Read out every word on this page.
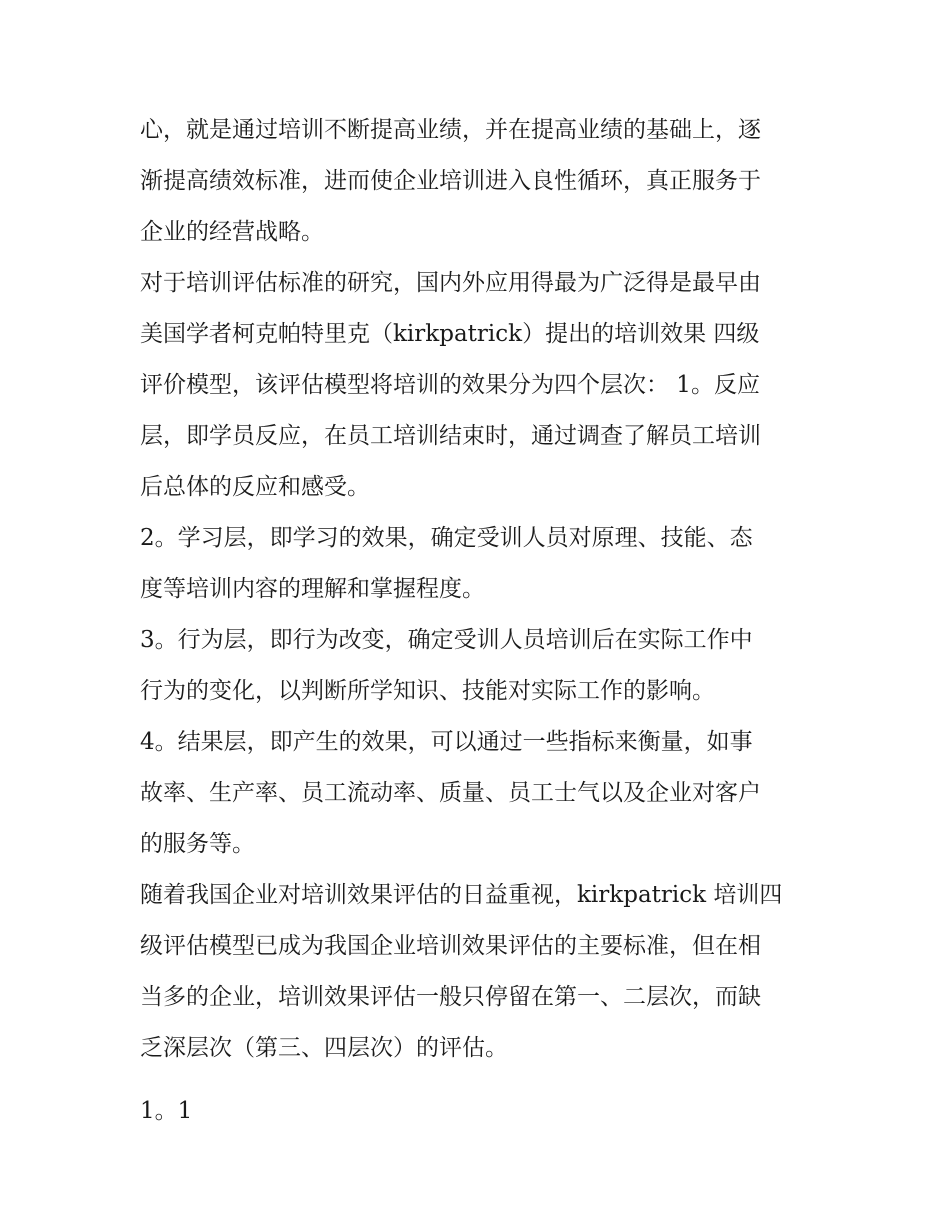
心，就是通过培训不断提高业绩，并在提高业绩的基础上，逐
渐提高绩效标准，进而使企业培训进入良性循环，真正服务于
企业的经营战略。
对于培训评估标准的研究，国内外应用得最为广泛得是最早由
美国学者柯克帕特里克（kirkpatrick）提出的培训效果 四级
评价模型，该评估模型将培训的效果分为四个层次： 1。反应
层，即学员反应，在员工培训结束时，通过调查了解员工培训
后总体的反应和感受。
2。学习层，即学习的效果，确定受训人员对原理、技能、态
度等培训内容的理解和掌握程度。
3。行为层，即行为改变，确定受训人员培训后在实际工作中
行为的变化，以判断所学知识、技能对实际工作的影响。
4。结果层，即产生的效果，可以通过一些指标来衡量，如事
故率、生产率、员工流动率、质量、员工士气以及企业对客户
的服务等。
随着我国企业对培训效果评估的日益重视，kirkpatrick 培训四
级评估模型已成为我国企业培训效果评估的主要标准，但在相
当多的企业，培训效果评估一般只停留在第一、二层次，而缺
乏深层次（第三、四层次）的评估。
1。1
